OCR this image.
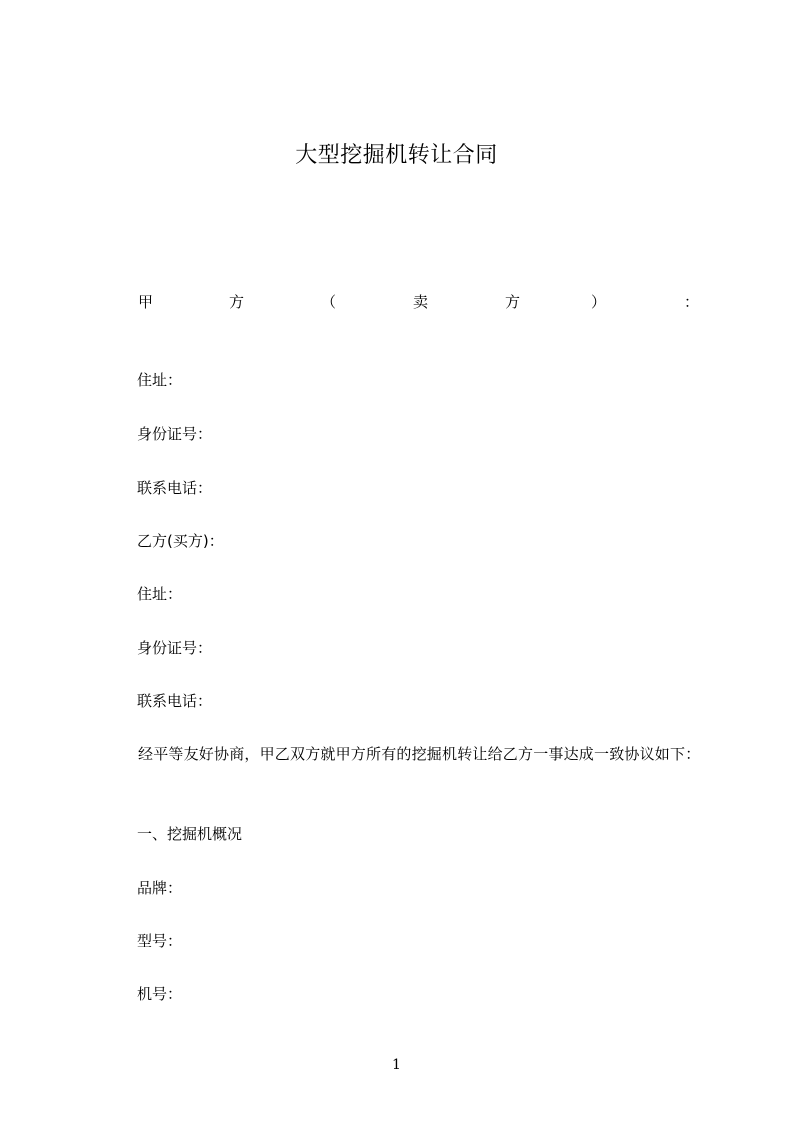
大型挖掘机转让合同
甲	方	（	卖	方	）	：
住址：
身份证号：
联系电话：
乙方(买方)：
住址：
身份证号：
联系电话：
经平等友好协商，甲乙双方就甲方所有的挖掘机转让给乙方一事达成一致协议如下：
一、挖掘机概况
品牌：
型号：
机号：
1
